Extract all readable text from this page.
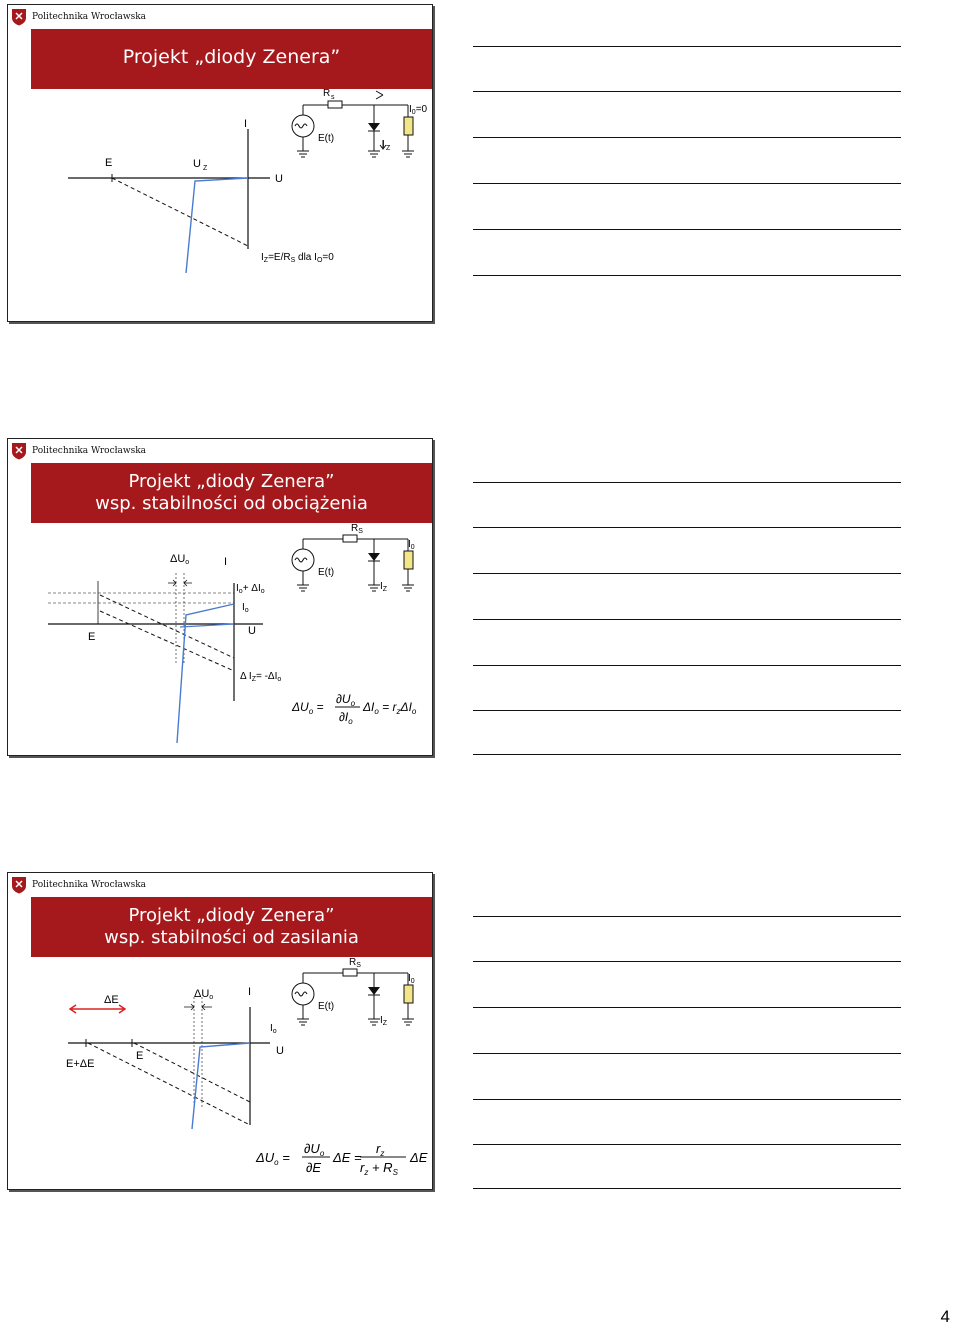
Politechnika Wrocławska
Projekt „diody Zenera”
E	U Z
I
U
$I_Z=E/R_S$ dla $I_O=0$
R s
E(t)
I Z
$I_0=0$
Politechnika Wrocławska
Projekt „diody Zenera”
wsp. stabilności od obciążenia
ΔUo	I
$I_o+ \Delta I_o$
$I_o$
U
E
Δ $I_Z= -\Delta I_o$
$R_S$
$I_0$
E(t)
$I_Z$
$\Delta U_o$ =
$\partial U_o$
$\partial I_o$
$\Delta I_o = r_z\Delta I_o$
Politechnika Wrocławska
Projekt „diody Zenera”
wsp. stabilności od zasilania
ΔE	ΔUo	I
$I_o$
U
E+ΔE
E
$R_S$
$I_0$
E(t)
$I_Z$
$\Delta U_o$ =
$\partial U_o$
∂E
ΔE =
$r_z$
$r_z + R_S$
ΔE
4
